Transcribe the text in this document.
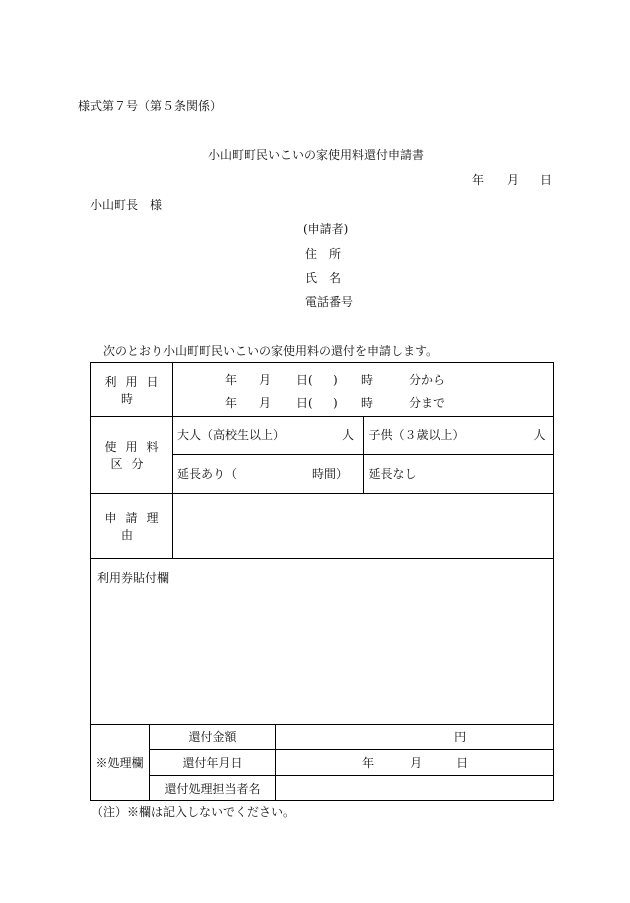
様式第７号（第５条関係）
小山町町民いこいの家使用料還付申請書
年 月 日
小山町長　様
(申請者)
住　所
氏　名
電話番号
次のとおり小山町町民いこいの家使用料の還付を申請します。
利用日時	
年 月 日( ) 時	分から
年 月 日( ) 時	分まで

使用料区分	
大人（高校生以上）	人	子供（３歳以上）	人

延長あり（	時間）	延長なし

申請理由	

利用券貼付欄

※処理欄	還付金額	円

還付年月日	年	月	日

還付処理担当者名	
（注）※欄は記入しないでください。
